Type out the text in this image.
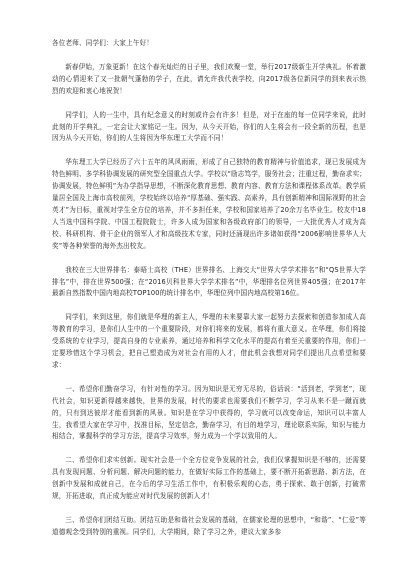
各位老师、同学们：大家上午好！

新春伊始，万象更新！在这个春光灿烂的日子里，我们欢聚一堂，举行2017级新生开学典礼。怀着激动的心情迎来了又一批朝气蓬勃的学子，在此，请允许我代表学校，向2017级各位新同学的到来表示热烈的欢迎和衷心地祝贺！

同学们，人的一生中，具有纪念意义的时刻或许会有许多！但是，对于在座的每一位同学来说，此时此刻的开学典礼，一定会让大家铭记一生。因为，从今天开始，你们的人生将会有一段全新的历程，也是因为从今天开始，你们的人生将因为华东理工大学而不同！

华东理工大学已经历了六十五年的风风雨雨，形成了自己独特的教育精神与价值追求，现已发展成为特色鲜明、多学科协调发展的研究型全国重点大学。学校以“励志笃学，服务社会；注重过程，勤奋求实；协调发展，特色鲜明”为办学指导思想，不断深化教育思想、教育内容、教育方法和课程体系改革。教学质量居全国及上海市高校前列，学校始终以培养“厚基础、强实践、高素养，具有创新精神和国际视野的社会英才”为目标，重视对学生全方位的培养，并不多担任来，学校和国家培养了20余万名毕业生。校友中18人当选中国科学院、中国工程院院士，许多人成为国家和各级政府部门的领导，一大批优秀人才成为高校、科研机构、骨干企业的领军人才和高级技术专家，同时还涌现出许多诸如获得“2006影响世界华人大奖”等各种荣誉的海外杰出校友。

我校在三大世界排名：泰晤士高校（THE）世界排名、上海交大“世界大学学术排名”和“QS世界大学排名”中，排在世界500强；在“2016贝科世界大学学术排名”中，华理排名位列世界405强；在2017年最新自然指数中国内地高校TOP100的统计排名中，华理位列中国内地高校第16位。

同学们，来到这里，你们就是华理的新主人，华理的未来要靠大家一起努力去探索和创造参加成人高等教育的学习，是你们人生中的一个重要阶段，对你们将来的发展，都将有重大意义。在华理，你们将接受系统的专业学习，提高自身的专业素养，通过培养和科学文化水平的提高有着至关重要的作用，你们一定要珍惜这个学习机会，把自己塑造成为对社会有用的人才，借此机会我想对同学们提出几点希望和要求：

一、希望你们勤奋学习，有针对性的学习。因为知识是无穷无尽的，俗话说：“活到老，学到老”，现代社会，知识更新得越来越快，世界的发展，时代的要求也需要我们不断学习，学习从来不是一蹴而就的，只有到达彼岸才能看到新的风景。知识是在学习中获得的，学习就可以改变命运，知识可以丰富人生，我希望大家在学习中，找准目标，坚定信念，勤奋学习，有目的地学习，理论联系实际，知识与能力相结合，掌握科学的学习方法，提高学习效率，努力成为一个学以致用的人。

二、希望你们求实创新。现实社会是一个全方位竞争发展的社会，我们仅掌握知识是不够的，还需要具有发现问题、分析问题、解决问题的能力，在做好实际工作的基础上，要不断开拓新思路、新方法，在创新中发展和成就自己，在今后的学习生活工作中，有积极乐观的心态，勇于探索、敢于创新，打破常规，开拓进取，真正成为能应对时代发展的创新人才！

三、希望你们团结互助。团结互助是和谐社会发展的基础，在儒家伦理的思想中，“和谐”、“仁爱”等道德观念受到特别的重视。同学们，大学期间，除了学习之外，建议大家多参
